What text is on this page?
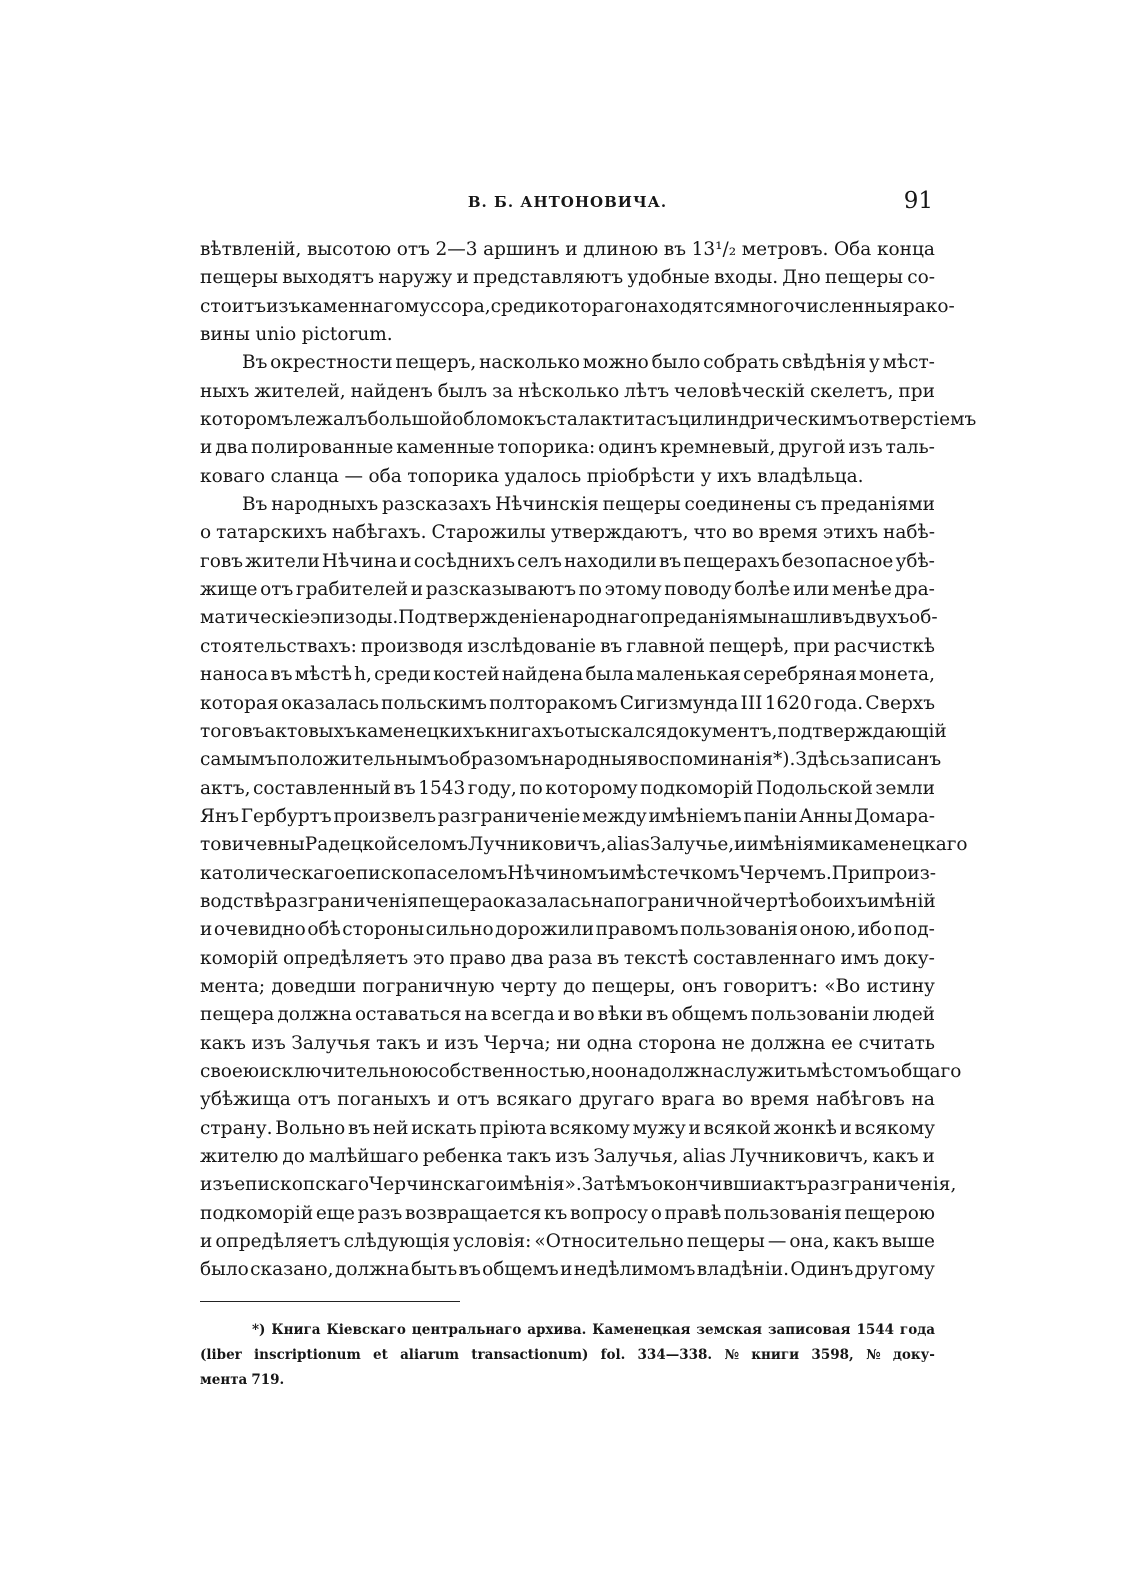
В. Б. АНТОНОВИЧА.	91
вѣтвленій, высотою отъ 2—3 аршинъ и длиною въ 13¹/₂ метровъ. Оба конца
пещеры выходятъ наружу и представляютъ удобные входы. Дно пещеры со-
стоитъ изъ каменнаго муссора, среди котораго находятся многочисленныя рако-
вины unio pictorum.
Въ окрестности пещеръ, насколько можно было собрать свѣдѣнія у мѣст-
ныхъ жителей, найденъ былъ за нѣсколько лѣтъ человѣческій скелетъ, при
которомъ лежалъ большой обломокъ сталактита съ цилиндрическимъ отверстіемъ
и два полированные каменные топорика: одинъ кремневый, другой изъ таль-
коваго сланца — оба топорика удалось пріобрѣсти у ихъ владѣльца.
Въ народныхъ разсказахъ Нѣчинскія пещеры соединены съ преданіями
о татарскихъ набѣгахъ. Старожилы утверждаютъ, что во время этихъ набѣ-
говъ жители Нѣчина и сосѣднихъ селъ находили въ пещерахъ безопасное убѣ-
жище отъ грабителей и разсказываютъ по этому поводу болѣе или менѣе дра-
матическіе эпизоды. Подтвержденіе народнаго преданія мы нашли въ двухъ об-
стоятельствахъ: производя изслѣдованіе въ главной пещерѣ, при расчисткѣ
наноса въ мѣстѣ h, среди костей найдена была маленькая серебряная монета,
которая оказалась польскимъ полторакомъ Сигизмунда III 1620 года. Сверхъ
того въ актовыхъ каменецкихъ книгахъ отыскался документъ, подтверждающій
самымъ положительнымъ образомъ народныя воспоминанія *). Здѣсь записанъ
актъ, составленный въ 1543 году, по которому подкоморій Подольской земли
Янъ Гербуртъ произвелъ разграниченіе между имѣніемъ паніи Анны Домара-
товичевны Радецкой селомъ Лучниковичъ, alias Залучье, и имѣніями каменецкаго
католическаго епископа селомъ Нѣчиномъ и мѣстечкомъ Черчемъ. При произ-
водствѣ разграниченія пещера оказалась на пограничной чертѣ обоихъ имѣній
и очевидно обѣ стороны сильно дорожили правомъ пользованія оною, ибо под-
коморій опредѣляетъ это право два раза въ текстѣ составленнаго имъ доку-
мента; доведши пограничную черту до пещеры, онъ говоритъ: «Во истину
пещера должна оставаться на всегда и во вѣки въ общемъ пользованіи людей
какъ изъ Залучья такъ и изъ Черча; ни одна сторона не должна ее считать
своею исключительною собственностью, но она должна служить мѣстомъ общаго
убѣжища отъ поганыхъ и отъ всякаго другаго врага во время набѣговъ на
страну. Вольно въ ней искать пріюта всякому мужу и всякой жонкѣ и всякому
жителю до малѣйшаго ребенка такъ изъ Залучья, alias Лучниковичъ, какъ и
изъ епископскаго Черчинскаго имѣнія». Затѣмъ окончивши актъ разграниченія,
подкоморій еще разъ возвращается къ вопросу о правѣ пользованія пещерою
и опредѣляетъ слѣдующія условія: «Относительно пещеры — она, какъ выше
было сказано, должна быть въ общемъ и недѣлимомъ владѣніи. Одинъ другому
*) Книга Кіевскаго центральнаго архива. Каменецкая земская записовая 1544 года
(liber inscriptionum et aliarum transactionum) fol. 334—338. № книги 3598, № доку-
мента 719.
